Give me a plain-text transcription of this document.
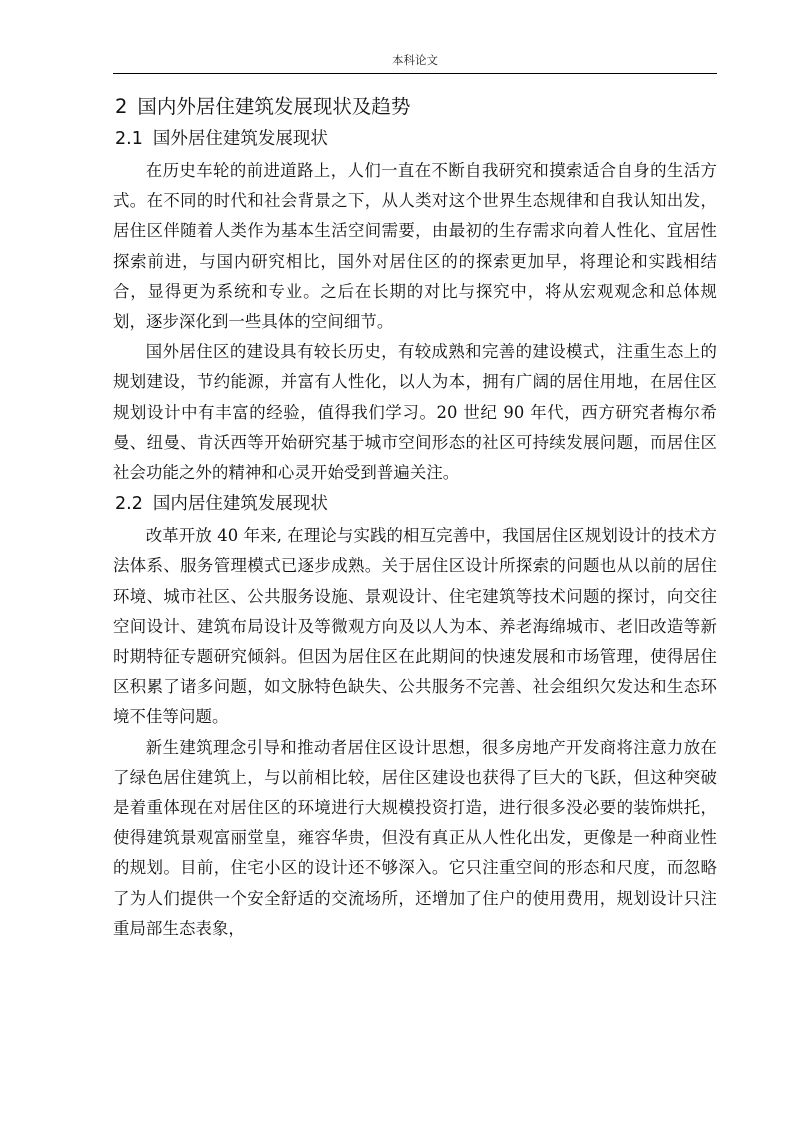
本科论文
2 国内外居住建筑发展现状及趋势
2.1 国外居住建筑发展现状

在历史车轮的前进道路上，人们一直在不断自我研究和摸索适合自身的生活方式。在不同的时代和社会背景之下，从人类对这个世界生态规律和自我认知出发，居住区伴随着人类作为基本生活空间需要，由最初的生存需求向着人性化、宜居性探索前进，与国内研究相比，国外对居住区的的探索更加早，将理论和实践相结合，显得更为系统和专业。之后在长期的对比与探究中，将从宏观观念和总体规划，逐步深化到一些具体的空间细节。

国外居住区的建设具有较长历史，有较成熟和完善的建设模式，注重生态上的规划建设，节约能源，并富有人性化，以人为本，拥有广阔的居住用地，在居住区规划设计中有丰富的经验，值得我们学习。20 世纪 90 年代，西方研究者梅尔希曼、纽曼、肯沃西等开始研究基于城市空间形态的社区可持续发展问题，而居住区社会功能之外的精神和心灵开始受到普遍关注。

2.2 国内居住建筑发展现状

改革开放 40 年来, 在理论与实践的相互完善中，我国居住区规划设计的技术方法体系、服务管理模式已逐步成熟。关于居住区设计所探索的问题也从以前的居住环境、城市社区、公共服务设施、景观设计、住宅建筑等技术问题的探讨，向交往空间设计、建筑布局设计及等微观方向及以人为本、养老海绵城市、老旧改造等新时期特征专题研究倾斜。但因为居住区在此期间的快速发展和市场管理，使得居住区积累了诸多问题，如文脉特色缺失、公共服务不完善、社会组织欠发达和生态环境不佳等问题。

新生建筑理念引导和推动者居住区设计思想，很多房地产开发商将注意力放在了绿色居住建筑上，与以前相比较，居住区建设也获得了巨大的飞跃，但这种突破是着重体现在对居住区的环境进行大规模投资打造，进行很多没必要的装饰烘托，使得建筑景观富丽堂皇，雍容华贵，但没有真正从人性化出发，更像是一种商业性的规划。目前，住宅小区的设计还不够深入。它只注重空间的形态和尺度，而忽略了为人们提供一个安全舒适的交流场所，还增加了住户的使用费用，规划设计只注重局部生态表象，
